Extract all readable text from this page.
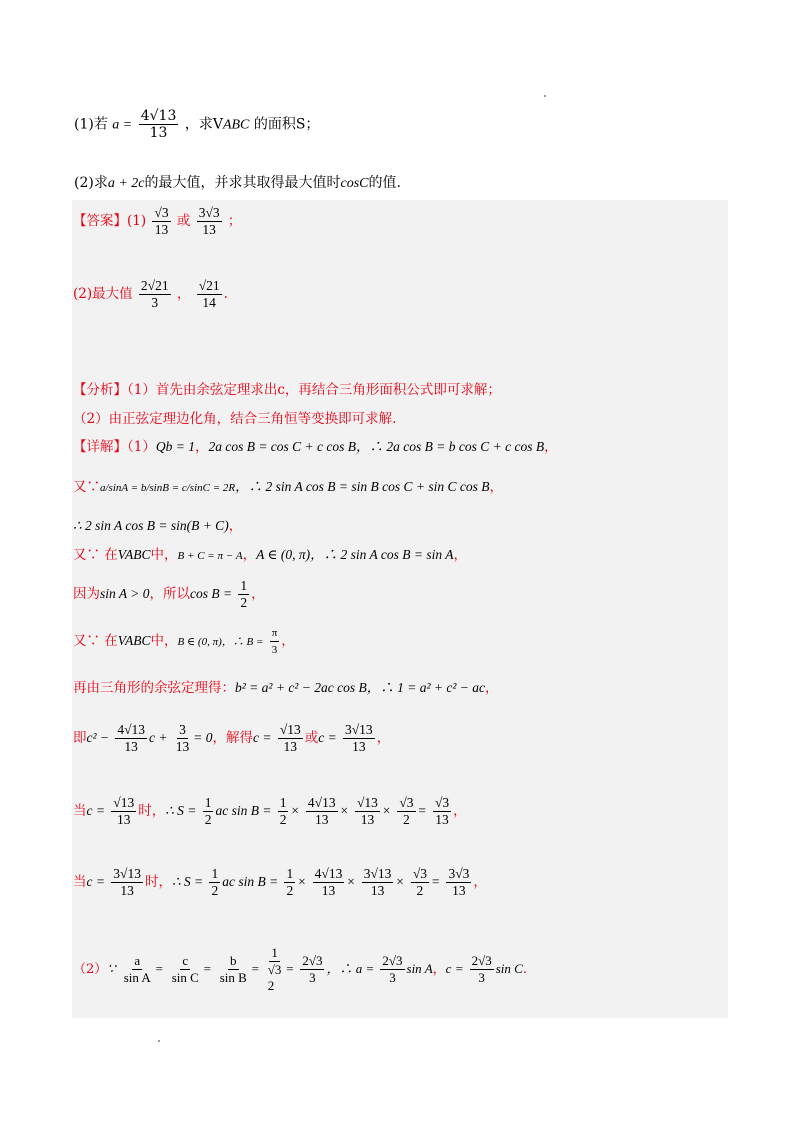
(1)若 $a = \frac{4√13}{13}$ ，求VABC 的面积S；
(2)求a + 2c的最大值，并求其取得最大值时cosC的值.
【答案】$(1) \frac{√3}{13}$ 或 $\frac{3√3}{13}$ ；
(2)最大值 $\frac{2√21}{3}$ ， $\frac{√21}{14}$ .
【分析】（1）首先由余弦定理求出c，再结合三角形面积公式即可求解；
（2）由正弦定理边化角，结合三角恒等变换即可求解.
【详解】（1）Qb = 1，2a cos B = cos C + c cos B，∴ 2a cos B = b cos C + c cos B，
又∵a/sinA = b/sinB = c/sinC = 2R，∴ 2 sin A cos B = sin B cos C + sin C cos B，
∴ 2 sin A cos B = sin(B + C)，
又∵ 在VABC中，B + C = π − A，A ∈ (0, π)，∴ 2 sin A cos B = sin A，
因为sin A > 0，所以$\cos B = \frac{1}{2}$ ，
又∵ 在VABC中，B ∈ (0, π)，∴ $B = \frac{\pi}{3}$ ，
再由三角形的余弦定理得：b² = a² + c² − 2ac cos B，∴ 1 = a² + c² − ac，
即$c^2 - \frac{4√13}{13}$ $c + \frac{3}{13} = 0$，解得$c = \frac{√13}{13}$ 或$c = \frac{3√13}{13}$ ，
当$c = \frac{√13}{13}$ 时，∴ $S = \frac{1}{2}$ ac $\sin B = \frac{1}{2} \times \frac{4√13}{13} \times \frac{√13}{13} \times \frac{√3}{2} = \frac{√3}{13}$ ，
当$c = \frac{3√13}{13}$ 时，∴ $S = \frac{1}{2}$ ac $\sin B = \frac{1}{2} \times \frac{4√13}{13} \times \frac{3√13}{13} \times \frac{√3}{2} = \frac{3√3}{13}$ ，
（2）∵ $\frac{a}{\text{sin A}} = \frac{c}{\text{sin C}} = \frac{b}{\text{sin B}}$ =
1
√3
2
= $\frac{2√3}{3}$ ，∴ $a = \frac{2√3}{3}$ sin A，$c = \frac{2√3}{3}$ sin C.
